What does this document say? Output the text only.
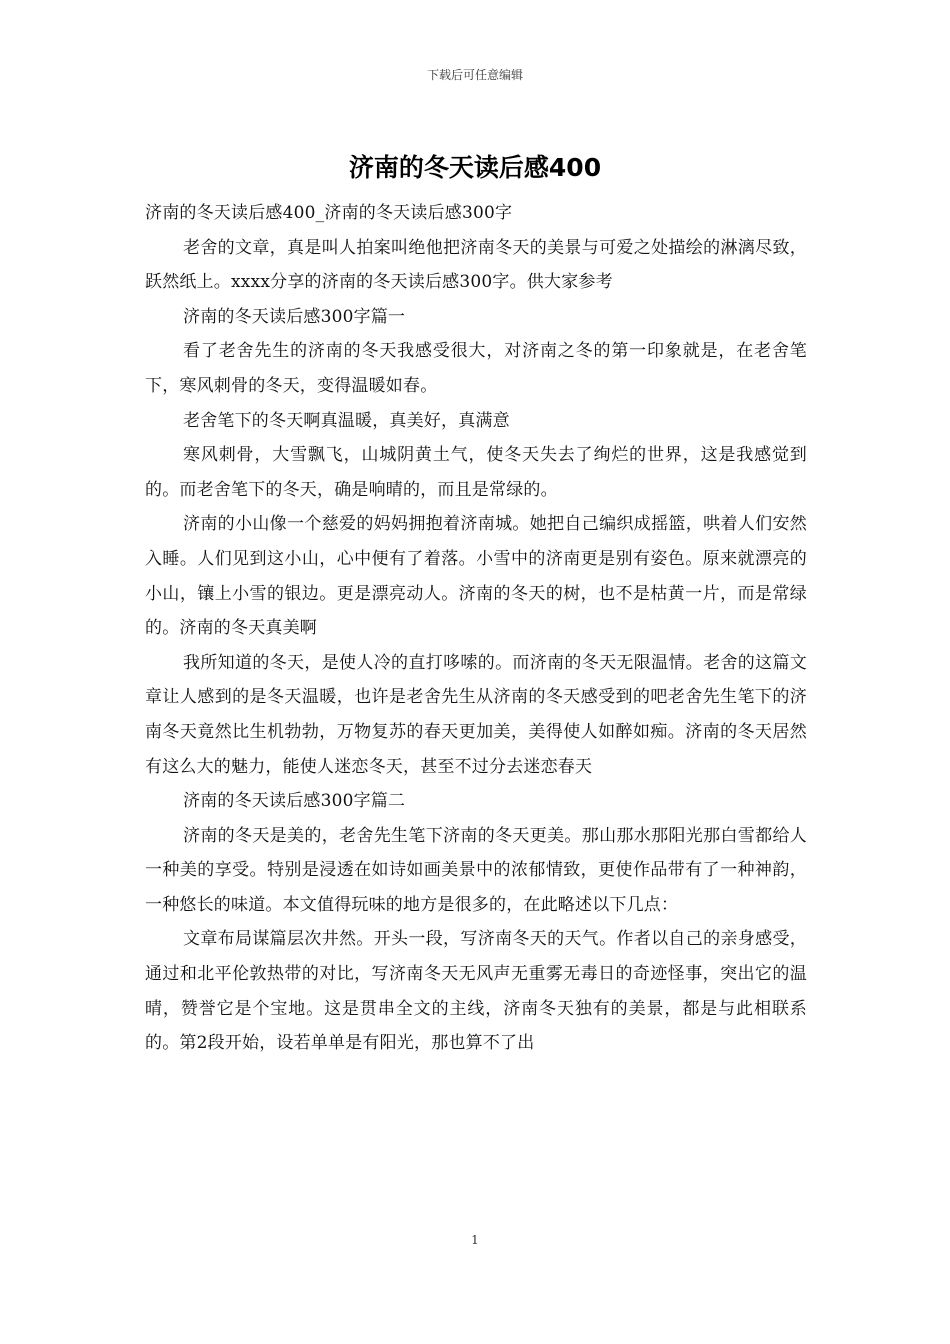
下载后可任意编辑
济南的冬天读后感400

济南的冬天读后感400_济南的冬天读后感300字

老舍的文章，真是叫人拍案叫绝他把济南冬天的美景与可爱之处描绘的淋漓尽致，跃然纸上。xxxx分享的济南的冬天读后感300字。供大家参考

济南的冬天读后感300字篇一

看了老舍先生的济南的冬天我感受很大，对济南之冬的第一印象就是，在老舍笔下，寒风刺骨的冬天，变得温暖如春。

老舍笔下的冬天啊真温暖，真美好，真满意

寒风刺骨，大雪飘飞，山城阴黄土气，使冬天失去了绚烂的世界，这是我感觉到的。而老舍笔下的冬天，确是响晴的，而且是常绿的。

济南的小山像一个慈爱的妈妈拥抱着济南城。她把自己编织成摇篮，哄着人们安然入睡。人们见到这小山，心中便有了着落。小雪中的济南更是别有姿色。原来就漂亮的小山，镶上小雪的银边。更是漂亮动人。济南的冬天的树，也不是枯黄一片，而是常绿的。济南的冬天真美啊

我所知道的冬天，是使人冷的直打哆嗦的。而济南的冬天无限温情。老舍的这篇文章让人感到的是冬天温暖，也许是老舍先生从济南的冬天感受到的吧老舍先生笔下的济南冬天竟然比生机勃勃，万物复苏的春天更加美，美得使人如醉如痴。济南的冬天居然有这么大的魅力，能使人迷恋冬天，甚至不过分去迷恋春天

济南的冬天读后感300字篇二

济南的冬天是美的，老舍先生笔下济南的冬天更美。那山那水那阳光那白雪都给人一种美的享受。特别是浸透在如诗如画美景中的浓郁情致，更使作品带有了一种神韵，一种悠长的味道。本文值得玩味的地方是很多的，在此略述以下几点：

文章布局谋篇层次井然。开头一段，写济南冬天的天气。作者以自己的亲身感受，通过和北平伦敦热带的对比，写济南冬天无风声无重雾无毒日的奇迹怪事，突出它的温晴，赞誉它是个宝地。这是贯串全文的主线，济南冬天独有的美景，都是与此相联系的。第2段开始，设若单单是有阳光，那也算不了出

1
